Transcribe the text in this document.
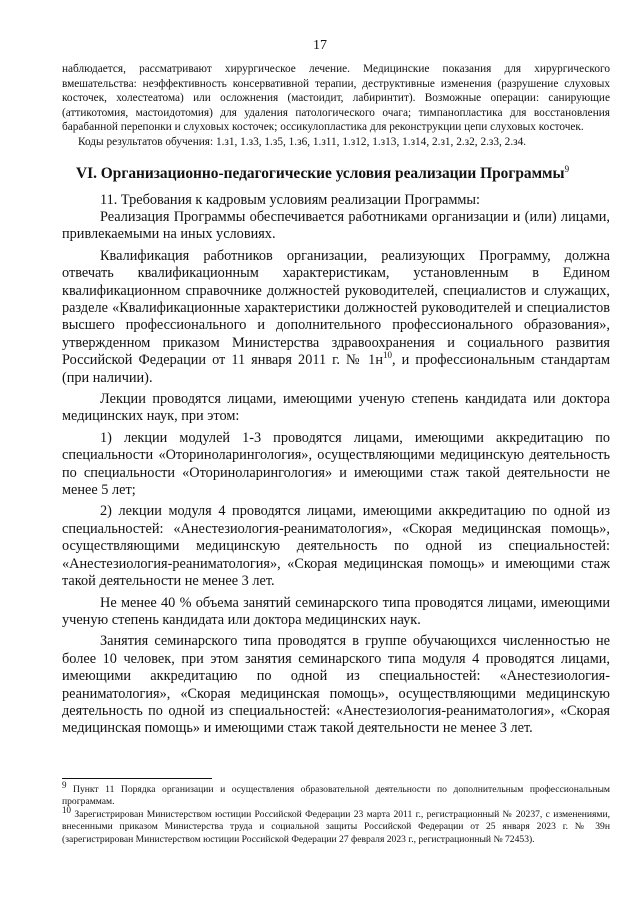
17
наблюдается, рассматривают хирургическое лечение. Медицинские показания для хирургического вмешательства: неэффективность консервативной терапии, деструктивные изменения (разрушение слуховых косточек, холестеатома) или осложнения (мастоидит, лабиринтит). Возможные операции: санирующие (аттикотомия, мастоидотомия) для удаления патологического очага; тимпанопластика для восстановления барабанной перепонки и слуховых косточек; оссикулопластика для реконструкции цепи слуховых косточек.
Коды результатов обучения: 1.з1, 1.з3, 1.з5, 1.з6, 1.з11, 1.з12, 1.з13, 1.з14, 2.з1, 2.з2, 2.з3, 2.з4.
VI. Организационно-педагогические условия реализации Программы$^9$
11. Требования к кадровым условиям реализации Программы:
Реализация Программы обеспечивается работниками организации и (или) лицами, привлекаемыми на иных условиях.
Квалификация работников организации, реализующих Программу, должна отвечать квалификационным характеристикам, установленным в Едином квалификационном справочнике должностей руководителей, специалистов и служащих, разделе «Квалификационные характеристики должностей руководителей и специалистов высшего профессионального и дополнительного профессионального образования», утвержденном приказом Министерства здравоохранения и социального развития Российской Федерации от 11 января 2011 г. № $1н^{10}$, и профессиональным стандартам (при наличии).
Лекции проводятся лицами, имеющими ученую степень кандидата или доктора медицинских наук, при этом:
1) лекции модулей 1-3 проводятся лицами, имеющими аккредитацию по специальности «Оториноларингология», осуществляющими медицинскую деятельность по специальности «Оториноларингология» и имеющими стаж такой деятельности не менее 5 лет;
2) лекции модуля 4 проводятся лицами, имеющими аккредитацию по одной из специальностей: «Анестезиология-реаниматология», «Скорая медицинская помощь», осуществляющими медицинскую деятельность по одной из специальностей: «Анестезиология-реаниматология», «Скорая медицинская помощь» и имеющими стаж такой деятельности не менее 3 лет.
Не менее 40 % объема занятий семинарского типа проводятся лицами, имеющими ученую степень кандидата или доктора медицинских наук.
Занятия семинарского типа проводятся в группе обучающихся численностью не более 10 человек, при этом занятия семинарского типа модуля 4 проводятся лицами, имеющими аккредитацию по одной из специальностей: «Анестезиология-реаниматология», «Скорая медицинская помощь», осуществляющими медицинскую деятельность по одной из специальностей: «Анестезиология-реаниматология», «Скорая медицинская помощь» и имеющими стаж такой деятельности не менее 3 лет.
$^9$ Пункт 11 Порядка организации и осуществления образовательной деятельности по дополнительным профессиональным программам.
$^{10}$ Зарегистрирован Министерством юстиции Российской Федерации 23 марта 2011 г., регистрационный № 20237, с изменениями, внесенными приказом Министерства труда и социальной защиты Российской Федерации от 25 января 2023 г. № 39н (зарегистрирован Министерством юстиции Российской Федерации 27 февраля 2023 г., регистрационный № 72453).
